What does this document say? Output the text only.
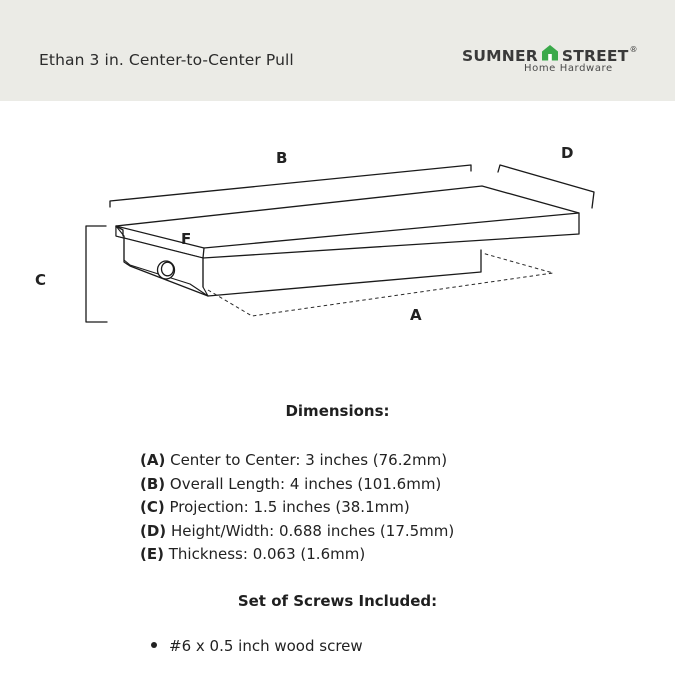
Ethan 3 in. Center-to-Center Pull	SUMNER STREET ®
Home Hardware
B	D
F
C
A
Dimensions:
(A) Center to Center: 3 inches (76.2mm)
(B) Overall Length: 4 inches (101.6mm)
(C) Projection: 1.5 inches (38.1mm)
(D) Height/Width: 0.688 inches (17.5mm)
(E) Thickness: 0.063 (1.6mm)
Set of Screws Included:
#6 x 0.5 inch wood screw
